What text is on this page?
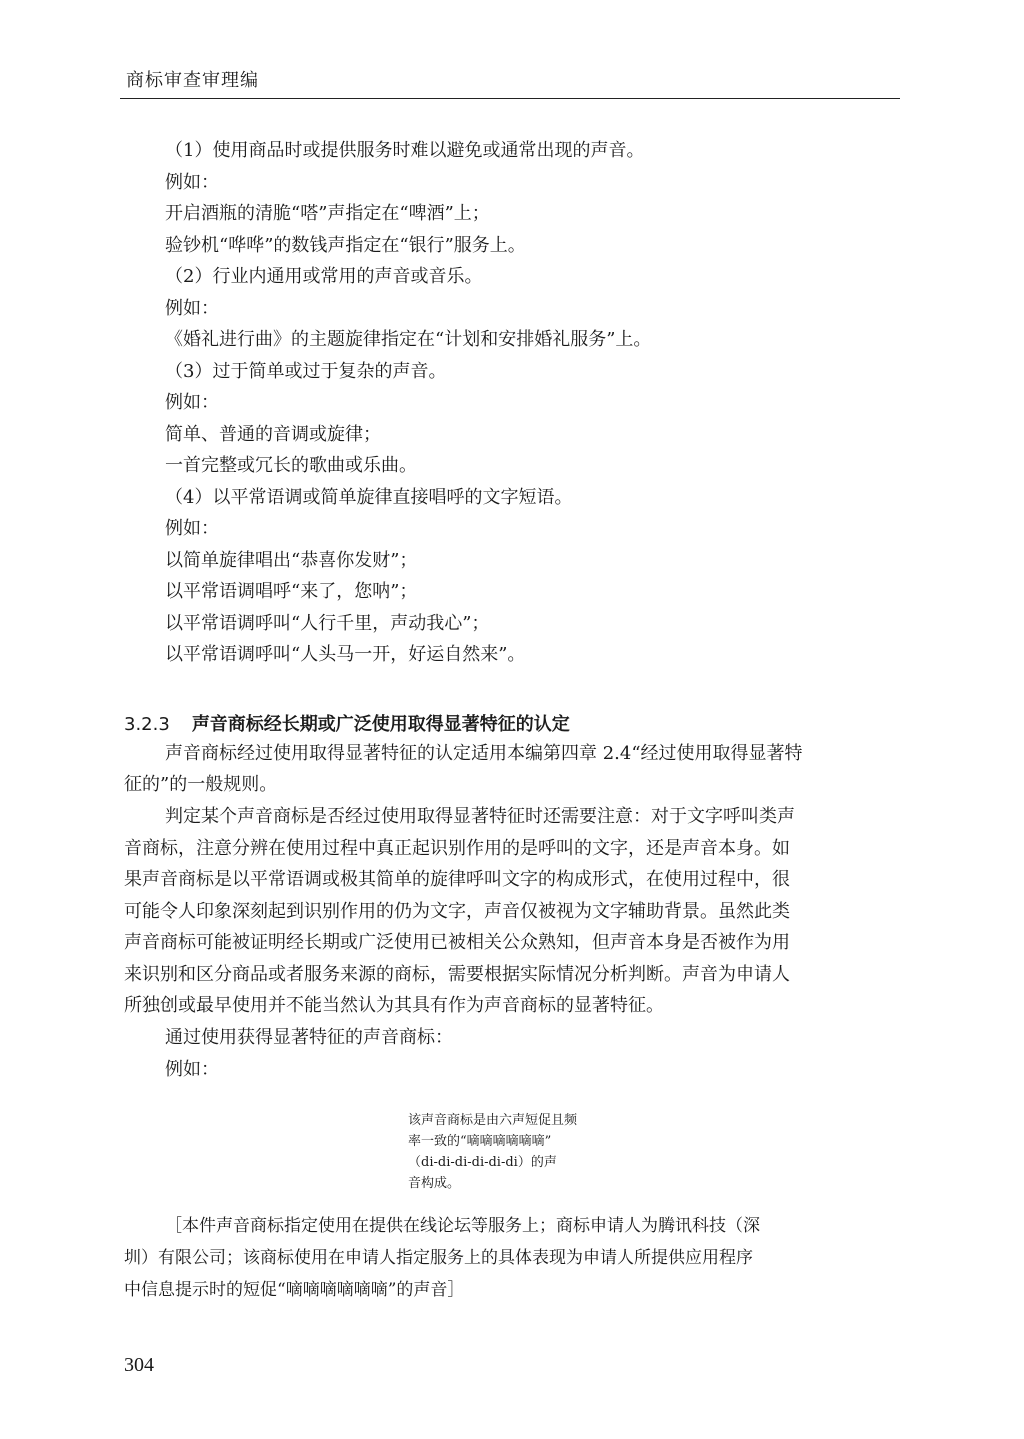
商标审查审理编
（1）使用商品时或提供服务时难以避免或通常出现的声音。
例如：
开启酒瓶的清脆“嗒”声指定在“啤酒”上；
验钞机“哗哗”的数钱声指定在“银行”服务上。
（2）行业内通用或常用的声音或音乐。
例如：
《婚礼进行曲》的主题旋律指定在“计划和安排婚礼服务”上。
（3）过于简单或过于复杂的声音。
例如：
简单、普通的音调或旋律；
一首完整或冗长的歌曲或乐曲。
（4）以平常语调或简单旋律直接唱呼的文字短语。
例如：
以简单旋律唱出“恭喜你发财”；
以平常语调唱呼“来了，您呐”；
以平常语调呼叫“人行千里，声动我心”；
以平常语调呼叫“人头马一开，好运自然来”。
3.2.3 声音商标经长期或广泛使用取得显著特征的认定
声音商标经过使用取得显著特征的认定适用本编第四章 2.4“经过使用取得显著特
征的”的一般规则。
判定某个声音商标是否经过使用取得显著特征时还需要注意：对于文字呼叫类声
音商标，注意分辨在使用过程中真正起识别作用的是呼叫的文字，还是声音本身。如
果声音商标是以平常语调或极其简单的旋律呼叫文字的构成形式，在使用过程中，很
可能令人印象深刻起到识别作用的仍为文字，声音仅被视为文字辅助背景。虽然此类
声音商标可能被证明经长期或广泛使用已被相关公众熟知，但声音本身是否被作为用
来识别和区分商品或者服务来源的商标，需要根据实际情况分析判断。声音为申请人
所独创或最早使用并不能当然认为其具有作为声音商标的显著特征。
通过使用获得显著特征的声音商标：
例如：
该声音商标是由六声短促且频
率一致的“嘀嘀嘀嘀嘀嘀”
（di-di-di-di-di-di）的声
音构成。
［本件声音商标指定使用在提供在线论坛等服务上；商标申请人为腾讯科技（深
圳）有限公司；该商标使用在申请人指定服务上的具体表现为申请人所提供应用程序
中信息提示时的短促“嘀嘀嘀嘀嘀嘀”的声音］
304
